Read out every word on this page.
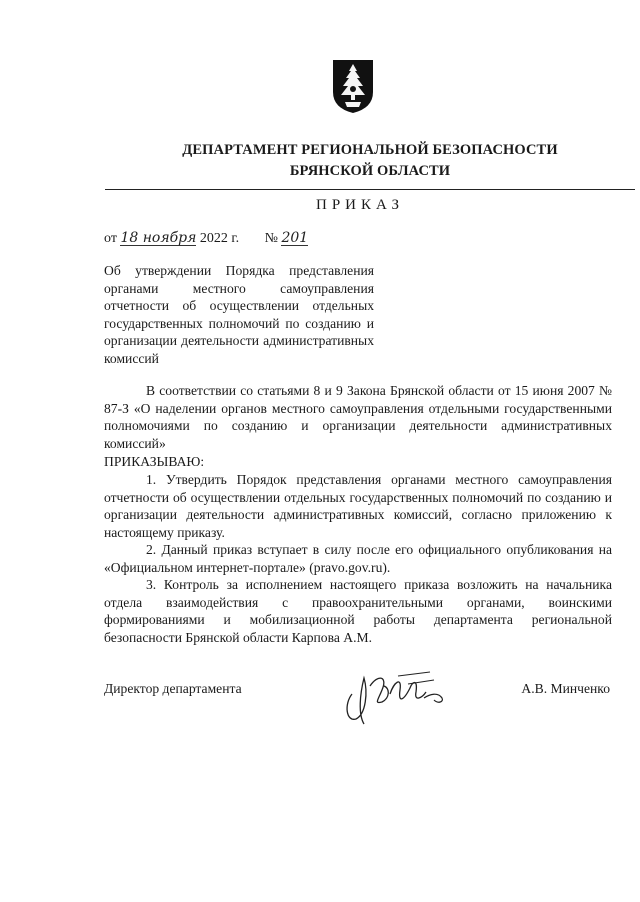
ДЕПАРТАМЕНТ РЕГИОНАЛЬНОЙ БЕЗОПАСНОСТИ
БРЯНСКОЙ ОБЛАСТИ
ПРИКАЗ
от 18 ноября 2022 г. № 201
Об утверждении Порядка представления органами местного самоуправления отчетности об осуществлении отдельных государственных полномочий по созданию и организации деятельности административных комиссий
В соответствии со статьями 8 и 9 Закона Брянской области от 15 июня 2007 № 87-З «О наделении органов местного самоуправления отдельными государственными полномочиями по созданию и организации деятельности административных комиссий»
ПРИКАЗЫВАЮ:
1. Утвердить Порядок представления органами местного самоуправления отчетности об осуществлении отдельных государственных полномочий по созданию и организации деятельности административных комиссий, согласно приложению к настоящему приказу.
2. Данный приказ вступает в силу после его официального опубликования на «Официальном интернет-портале» (pravo.gov.ru).
3. Контроль за исполнением настоящего приказа возложить на начальника отдела взаимодействия с правоохранительными органами, воинскими формированиями и мобилизационной работы департамента региональной безопасности Брянской области Карпова А.М.
Директор департамента	А.В. Минченко
